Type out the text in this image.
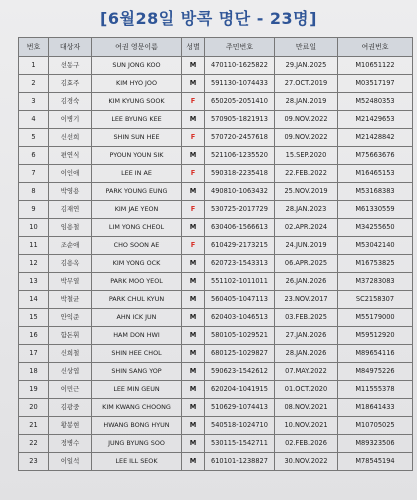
[6월28일 방콕 명단 - 23명]
번호	대상자	여권 영문이름	성별	주민번호	만료일	여권번호
1	선동구	SUN JONG KOO	M	470110-1625822	29.JAN.2025	M10651122
2	김효주	KIM HYO JOO	M	591130-1074433	27.OCT.2019	M03517197
3	김경숙	KIM KYUNG SOOK	F	650205-2051410	28.JAN.2019	M52480353
4	이병기	LEE BYUNG KEE	M	570905-1821913	09.NOV.2022	M21429653
5	신선희	SHIN SUN HEE	F	570720-2457618	09.NOV.2022	M21428842
6	편연식	PYOUN YOUN SIK	M	521106-1235520	15.SEP.2020	M75663676
7	이인애	LEE IN AE	F	590318-2235418	22.FEB.2022	M16465153
8	박영용	PARK YOUNG EUNG	M	490810-1063432	25.NOV.2019	M53168383
9	김재연	KIM JAE YEON	F	530725-2017729	28.JAN.2023	M61330559
10	임용철	LIM YONG CHEOL	M	630406-1566613	02.APR.2024	M34255650
11	조순애	CHO SOON AE	F	610429-2173215	24.JUN.2019	M53042140
12	김용옥	KIM YONG OCK	M	620723-1543313	06.APR.2025	M16753825
13	박무열	PARK MOO YEOL	M	551102-1011011	26.JAN.2026	M37283083
14	박철균	PARK CHUL KYUN	M	560405-1047113	23.NOV.2017	SC2158307
15	안익준	AHN ICK JUN	M	620403-1046513	03.FEB.2025	M55179000
16	함돈휘	HAM DON HWI	M	580105-1029521	27.JAN.2026	M59512920
17	신희철	SHIN HEE CHOL	M	680125-1029827	28.JAN.2026	M89654116
18	신상엽	SHIN SANG YOP	M	590623-1542612	07.MAY.2022	M84975226
19	이민근	LEE MIN GEUN	M	620204-1041915	01.OCT.2020	M11555378
20	김광중	KIM KWANG CHOONG	M	510629-1074413	08.NOV.2021	M18641433
21	황봉현	HWANG BONG HYUN	M	540518-1024710	10.NOV.2021	M10705025
22	정병수	JUNG BYUNG SOO	M	530115-1542711	02.FEB.2026	M89323506
23	이일석	LEE ILL SEOK	M	610101-1238827	30.NOV.2022	M78545194
